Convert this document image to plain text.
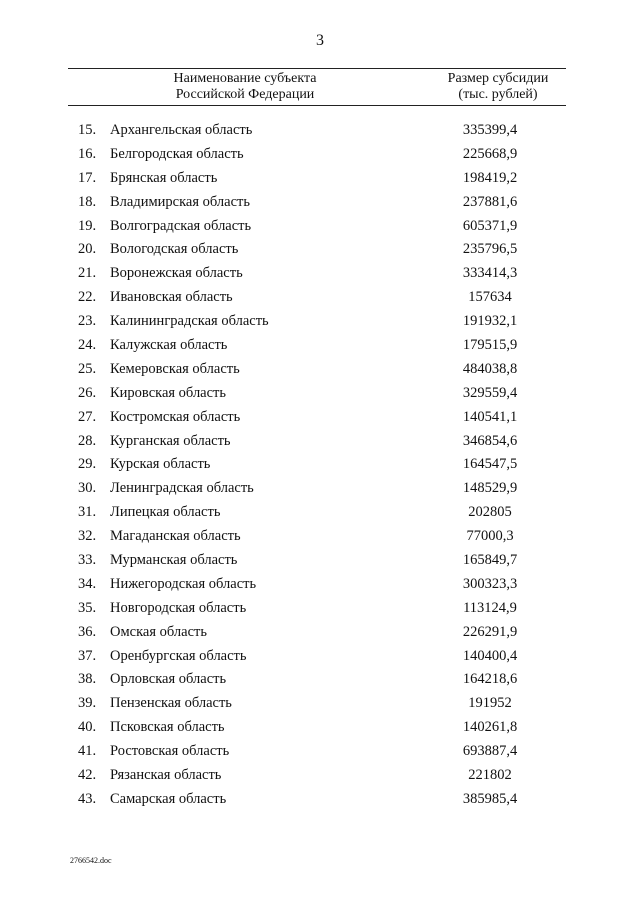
3
Наименование субъекта
Российской Федерации
Размер субсидии
(тыс. рублей)
15. Архангельская область	335399,4
16. Белгородская область	225668,9
17. Брянская область	198419,2
18. Владимирская область	237881,6
19. Волгоградская область	605371,9
20. Вологодская область	235796,5
21. Воронежская область	333414,3
22. Ивановская область	157634
23. Калининградская область	191932,1
24. Калужская область	179515,9
25. Кемеровская область	484038,8
26. Кировская область	329559,4
27. Костромская область	140541,1
28. Курганская область	346854,6
29. Курская область	164547,5
30. Ленинградская область	148529,9
31. Липецкая область	202805
32. Магаданская область	77000,3
33. Мурманская область	165849,7
34. Нижегородская область	300323,3
35. Новгородская область	113124,9
36. Омская область	226291,9
37. Оренбургская область	140400,4
38. Орловская область	164218,6
39. Пензенская область	191952
40. Псковская область	140261,8
41. Ростовская область	693887,4
42. Рязанская область	221802
43. Самарская область	385985,4
2766542.doc
